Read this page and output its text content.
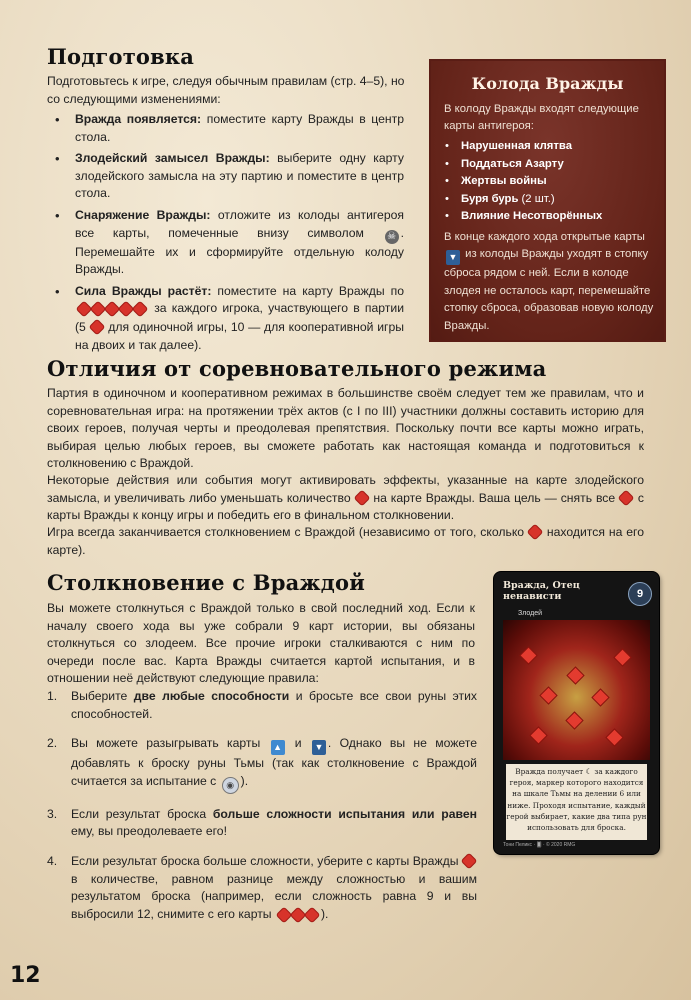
Подготовка

Подготовьтесь к игре, следуя обычным правилам (стр. 4–5), но со следующими изменениями:

• Вражда появляется: поместите карту Вражды в центр стола.
• Злодейский замысел Вражды: выберите одну карту злодейского замысла на эту партию и поместите в центр стола.
• Снаряжение Вражды: отложите из колоды антигероя все карты, помеченные внизу символом ☠ . Перемешайте их и сформируйте отдельную колоду Вражды.
• Сила Вражды растёт: поместите на карту Вражды по  за каждого игрока, участвующего в партии (5  для одиночной игры, 10 — для кооперативной игры на двоих и так далее).
Колода Вражды

В колоду Вражды входят следующие карты антигероя:

• Нарушенная клятва
• Поддаться Азарту
• Жертвы войны
• Буря бурь (2 шт.)
• Влияние Несотворённых

В конце каждого хода открытые карты ▼ из колоды Вражды уходят в стопку сброса рядом с ней. Если в колоде злодея не осталось карт, перемешайте стопку сброса, образовав новую колоду Вражды.

Отличия от соревновательного режима

Партия в одиночном и кооперативном режимах в большинстве своём следует тем же правилам, что и соревновательная игра: на протяжении трёх актов (с I по III) участники должны составить историю для своих героев, получая черты и преодолевая препятствия. Поскольку почти все карты можно играть, выбирая целью любых героев, вы сможете работать как настоящая команда и подготовиться к столкновению с Враждой.

Некоторые действия или события могут активировать эффекты, указанные на карте злодейского замысла, и увеличивать либо уменьшать количество  на карте Вражды. Ваша цель — снять все  с карты Вражды к концу игры и победить его в финальном столкновении.

Игра всегда заканчивается столкновением с Враждой (независимо от того, сколько  находится на его карте).

Столкновение с Враждой

Вы можете столкнуться с Враждой только в свой последний ход. Если к началу своего хода вы уже собрали 9 карт истории, вы обязаны столкнуться со злодеем. Все прочие игроки сталкиваются с ним по очереди после вас. Карта Вражды считается картой испытания, и в отношении неё действуют следующие правила:

1. Выберите две любые способности и бросьте все свои руны этих способностей.
2. Вы можете разыгрывать карты ▲ и ▼ . Однако вы не можете добавлять к броску руны Тьмы (так как столкновение с Враждой считается за испытание с ◉ ).
3. Если результат броска больше сложности испытания или равен ему, вы преодолеваете его!
4. Если результат броска больше сложности, уберите с карты Вражды  в количестве, равном разнице между сложностью и вашим результатом броска (например, если сложность равна 9 и вы выбросили 12, снимите с его карты	).
Вражда, Отец ненависти	9
Злодей
Вражда получает ☾ за каждого героя, маркер которого находится на шкале Тьмы на делении 6 или ниже. Проходя испытание, каждый герой выбирает, какие два типа рун использовать для броска.
Тони Пеликс · 🂠 · © 2020 RMG
12
